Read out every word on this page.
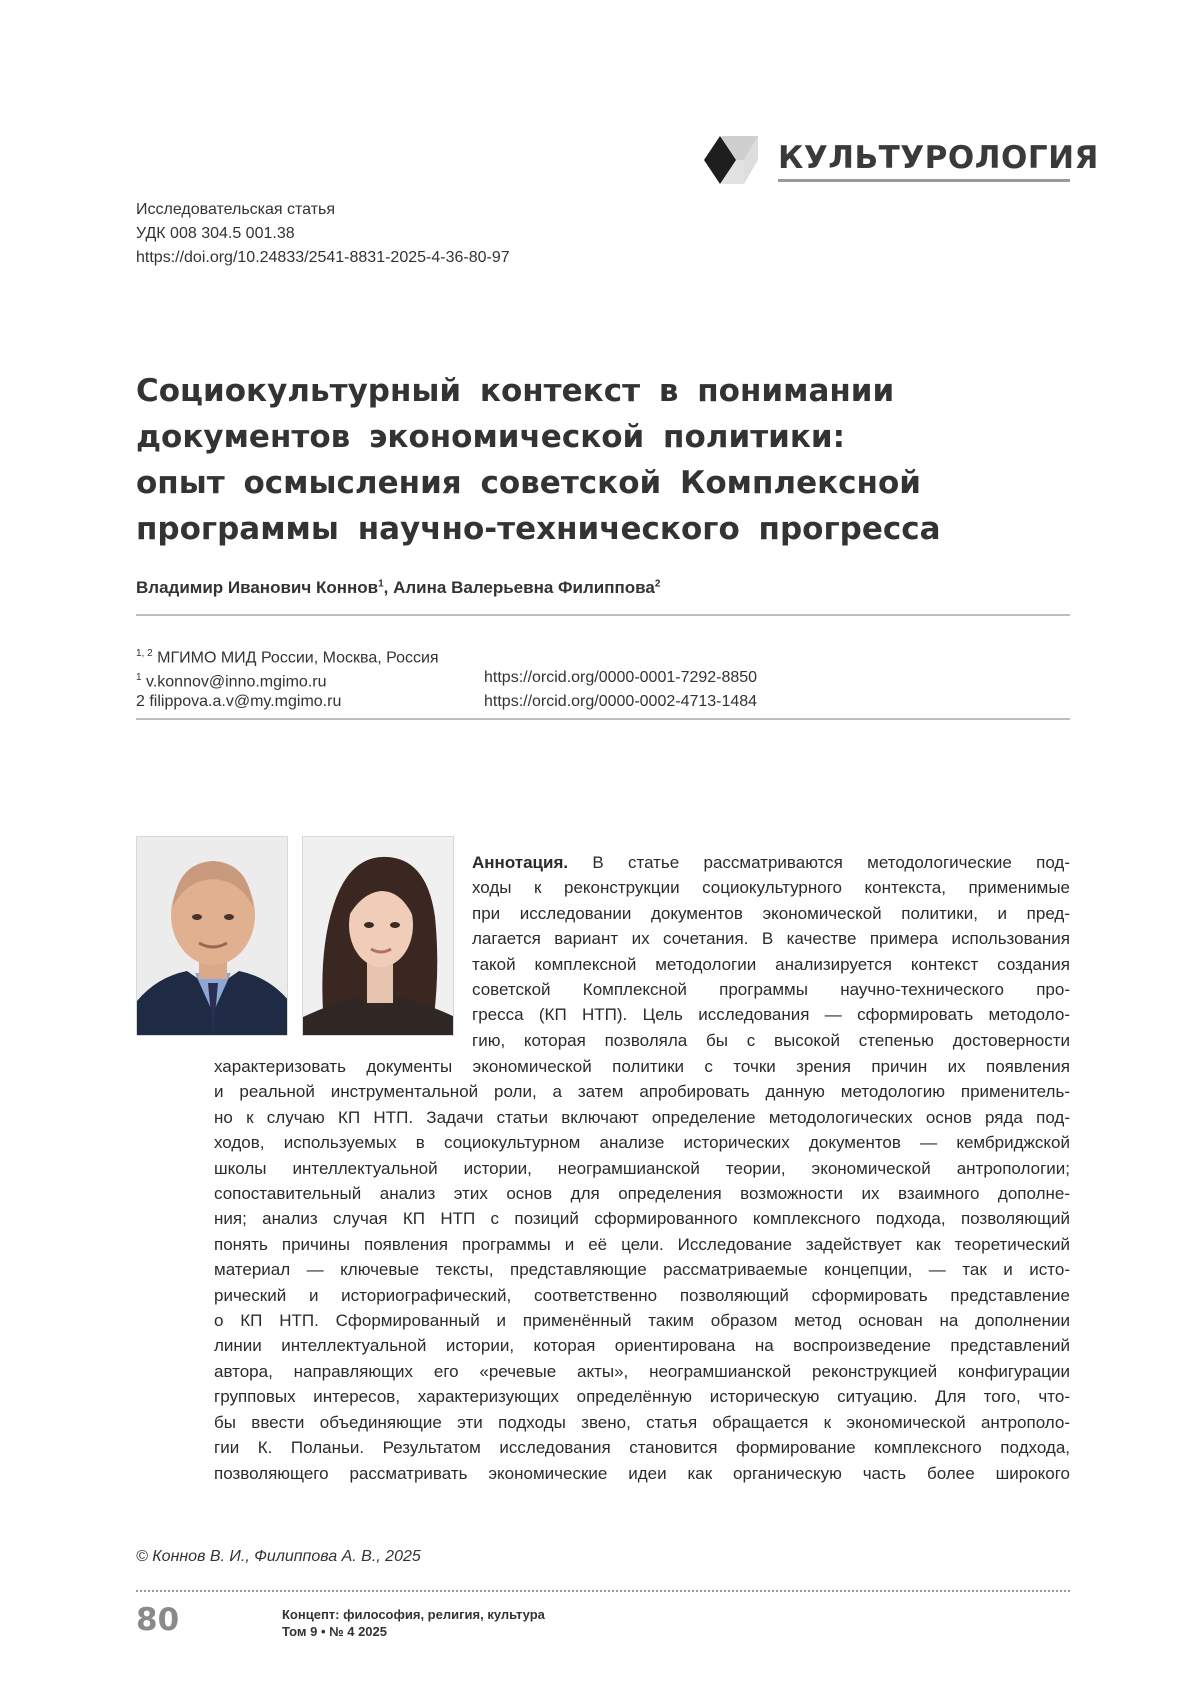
КУЛЬТУРОЛОГИЯ
Исследовательская статья
УДК 008 304.5 001.38
https://doi.org/10.24833/2541-8831-2025-4-36-80-97
Социокультурный контекст в понимании
документов экономической политики:
опыт осмысления советской Комплексной
программы научно-технического прогресса
Владимир Иванович Коннов$^1$, Алина Валерьевна Филиппова$^2$
$^{1, 2}$ МГИМО МИД России, Москва, Россия
$^1$ v.konnov@inno.mgimo.ru	https://orcid.org/0000-0001-7292-8850
2 filippova.a.v@my.mgimo.ru	https://orcid.org/0000-0002-4713-1484
Аннотация. В статье рассматриваются методологические под-
ходы к реконструкции социокультурного контекста, применимые
при исследовании документов экономической политики, и пред-
лагается вариант их сочетания. В качестве примера использования
такой комплексной методологии анализируется контекст создания
советской Комплексной программы научно-технического про-
гресса (КП НТП). Цель исследования — сформировать методоло-
гию, которая позволяла бы с высокой степенью достоверности
характеризовать документы экономической политики с точки зрения причин их появления
и реальной инструментальной роли, а затем апробировать данную методологию применитель-
но к случаю КП НТП. Задачи статьи включают определение методологических основ ряда под-
ходов, используемых в социокультурном анализе исторических документов — кембриджской
школы интеллектуальной истории, неограмшианской теории, экономической антропологии;
сопоставительный анализ этих основ для определения возможности их взаимного дополне-
ния; анализ случая КП НТП с позиций сформированного комплексного подхода, позволяющий
понять причины появления программы и её цели. Исследование задействует как теоретический
материал — ключевые тексты, представляющие рассматриваемые концепции, — так и исто-
рический и историографический, соответственно позволяющий сформировать представление
о КП НТП. Сформированный и применённый таким образом метод основан на дополнении
линии интеллектуальной истории, которая ориентирована на воспроизведение представлений
автора, направляющих его «речевые акты», неограмшианской реконструкцией конфигурации
групповых интересов, характеризующих определённую историческую ситуацию. Для того, что-
бы ввести объединяющие эти подходы звено, статья обращается к экономической антрополо-
гии К. Поланьи. Результатом исследования становится формирование комплексного подхода,
позволяющего рассматривать экономические идеи как органическую часть более широкого
© Коннов В. И., Филиппова А. В., 2025
80	Концепт: философия, религия, культура
Том 9 • № 4 2025
